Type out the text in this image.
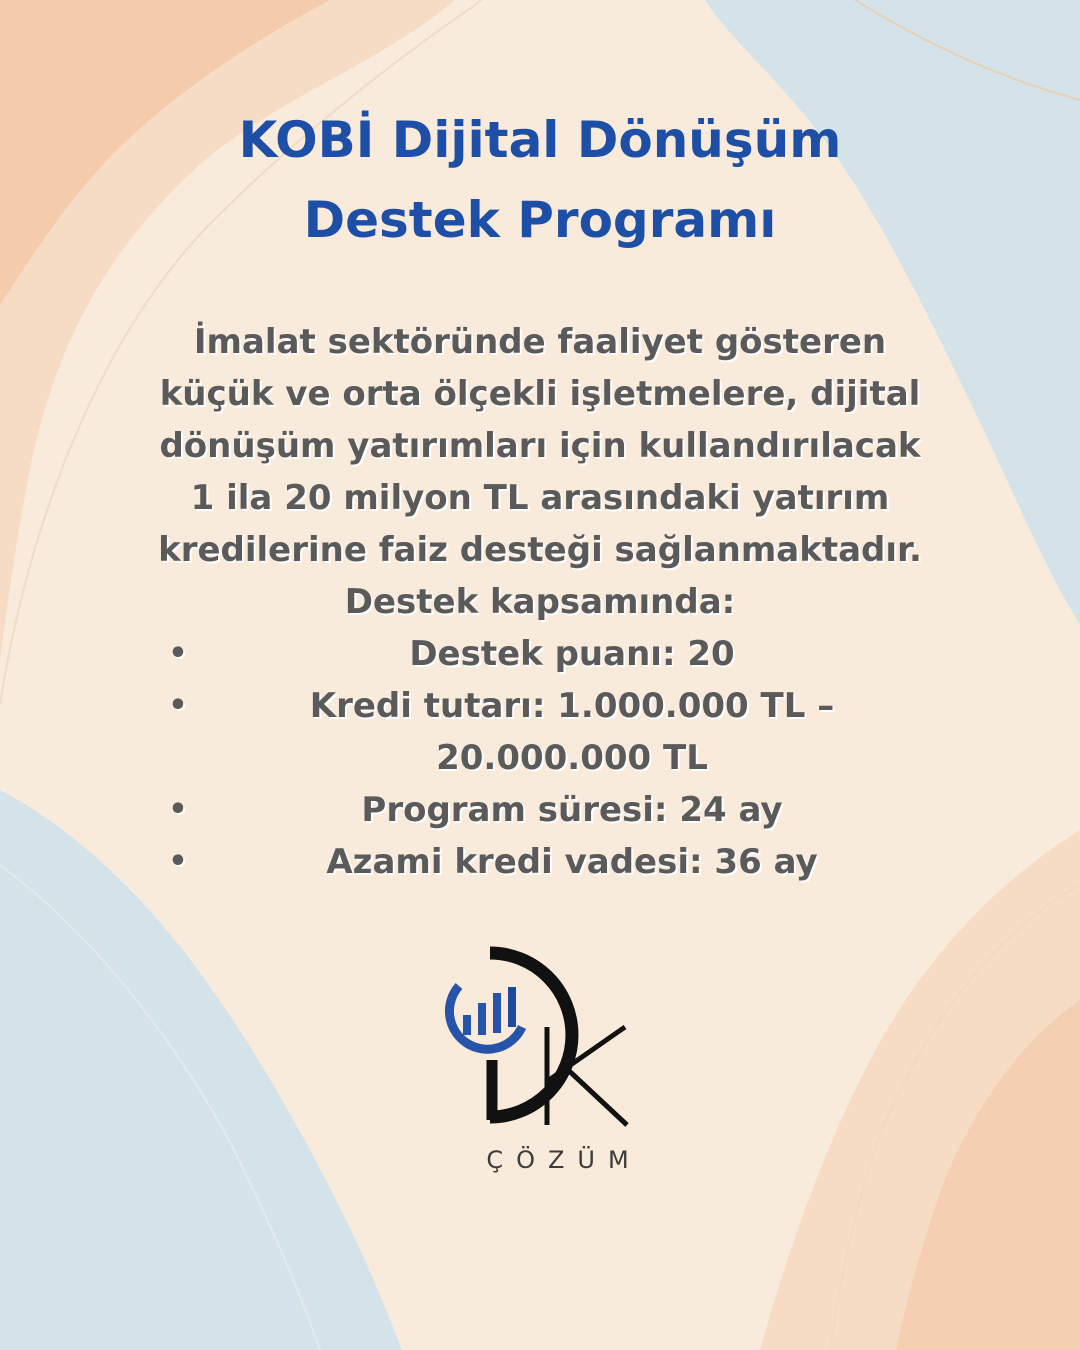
KOBİ Dijital Dönüşüm
Destek Programı
İmalat sektöründe faaliyet gösteren
küçük ve orta ölçekli işletmelere, dijital
dönüşüm yatırımları için kullandırılacak
1 ila 20 milyon TL arasındaki yatırım
kredilerine faiz desteği sağlanmaktadır.
Destek kapsamında:
•	Destek puanı: 20
•	Kredi tutarı: 1.000.000 TL –
20.000.000 TL
•	Program süresi: 24 ay
•	Azami kredi vadesi: 36 ay
ÇÖZÜM
